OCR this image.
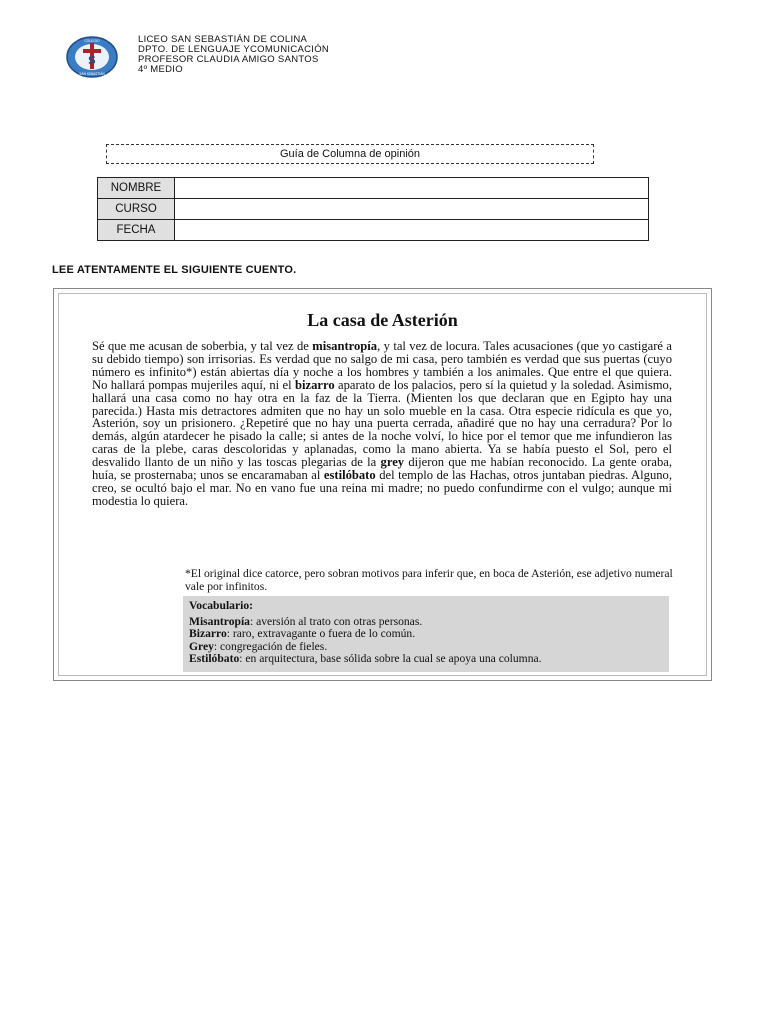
S
COLEGIO
SAN SEBASTIÁN
LICEO SAN SEBASTIÁN DE COLINA
DPTO. DE LENGUAJE YCOMUNICACIÓN
PROFESOR CLAUDIA AMIGO SANTOS
4º MEDIO
Guía de Columna de opinión
NOMBRE	
CURSO	
FECHA	
LEE ATENTAMENTE EL SIGUIENTE CUENTO.
La casa de Asterión

Sé que me acusan de soberbia, y tal vez de misantropía, y tal vez de locura. Tales acusaciones (que yo castigaré a su debido tiempo) son irrisorias. Es verdad que no salgo de mi casa, pero también es verdad que sus puertas (cuyo número es infinito*) están abiertas día y noche a los hombres y también a los animales. Que entre el que quiera. No hallará pompas mujeriles aquí, ni el bizarro aparato de los palacios, pero sí la quietud y la soledad. Asimismo, hallará una casa como no hay otra en la faz de la Tierra. (Mienten los que declaran que en Egipto hay una parecida.) Hasta mis detractores admiten que no hay un solo mueble en la casa. Otra especie ridícula es que yo, Asterión, soy un prisionero. ¿Repetiré que no hay una puerta cerrada, añadiré que no hay una cerradura? Por lo demás, algún atardecer he pisado la calle; si antes de la noche volví, lo hice por el temor que me infundieron las caras de la plebe, caras descoloridas y aplanadas, como la mano abierta. Ya se había puesto el Sol, pero el desvalido llanto de un niño y las toscas plegarias de la grey dijeron que me habían reconocido. La gente oraba, huía, se prosternaba; unos se encaramaban al estilóbato del templo de las Hachas, otros juntaban piedras. Alguno, creo, se ocultó bajo el mar. No en vano fue una reina mi madre; no puedo confundirme con el vulgo; aunque mi modestia lo quiera.

*El original dice catorce, pero sobran motivos para inferir que, en boca de Asterión, ese adjetivo numeral vale por infinitos.

Vocabulario:
Misantropía: aversión al trato con otras personas.
Bizarro: raro, extravagante o fuera de lo común.
Grey: congregación de fieles.
Estilóbato: en arquitectura, base sólida sobre la cual se apoya una columna.
